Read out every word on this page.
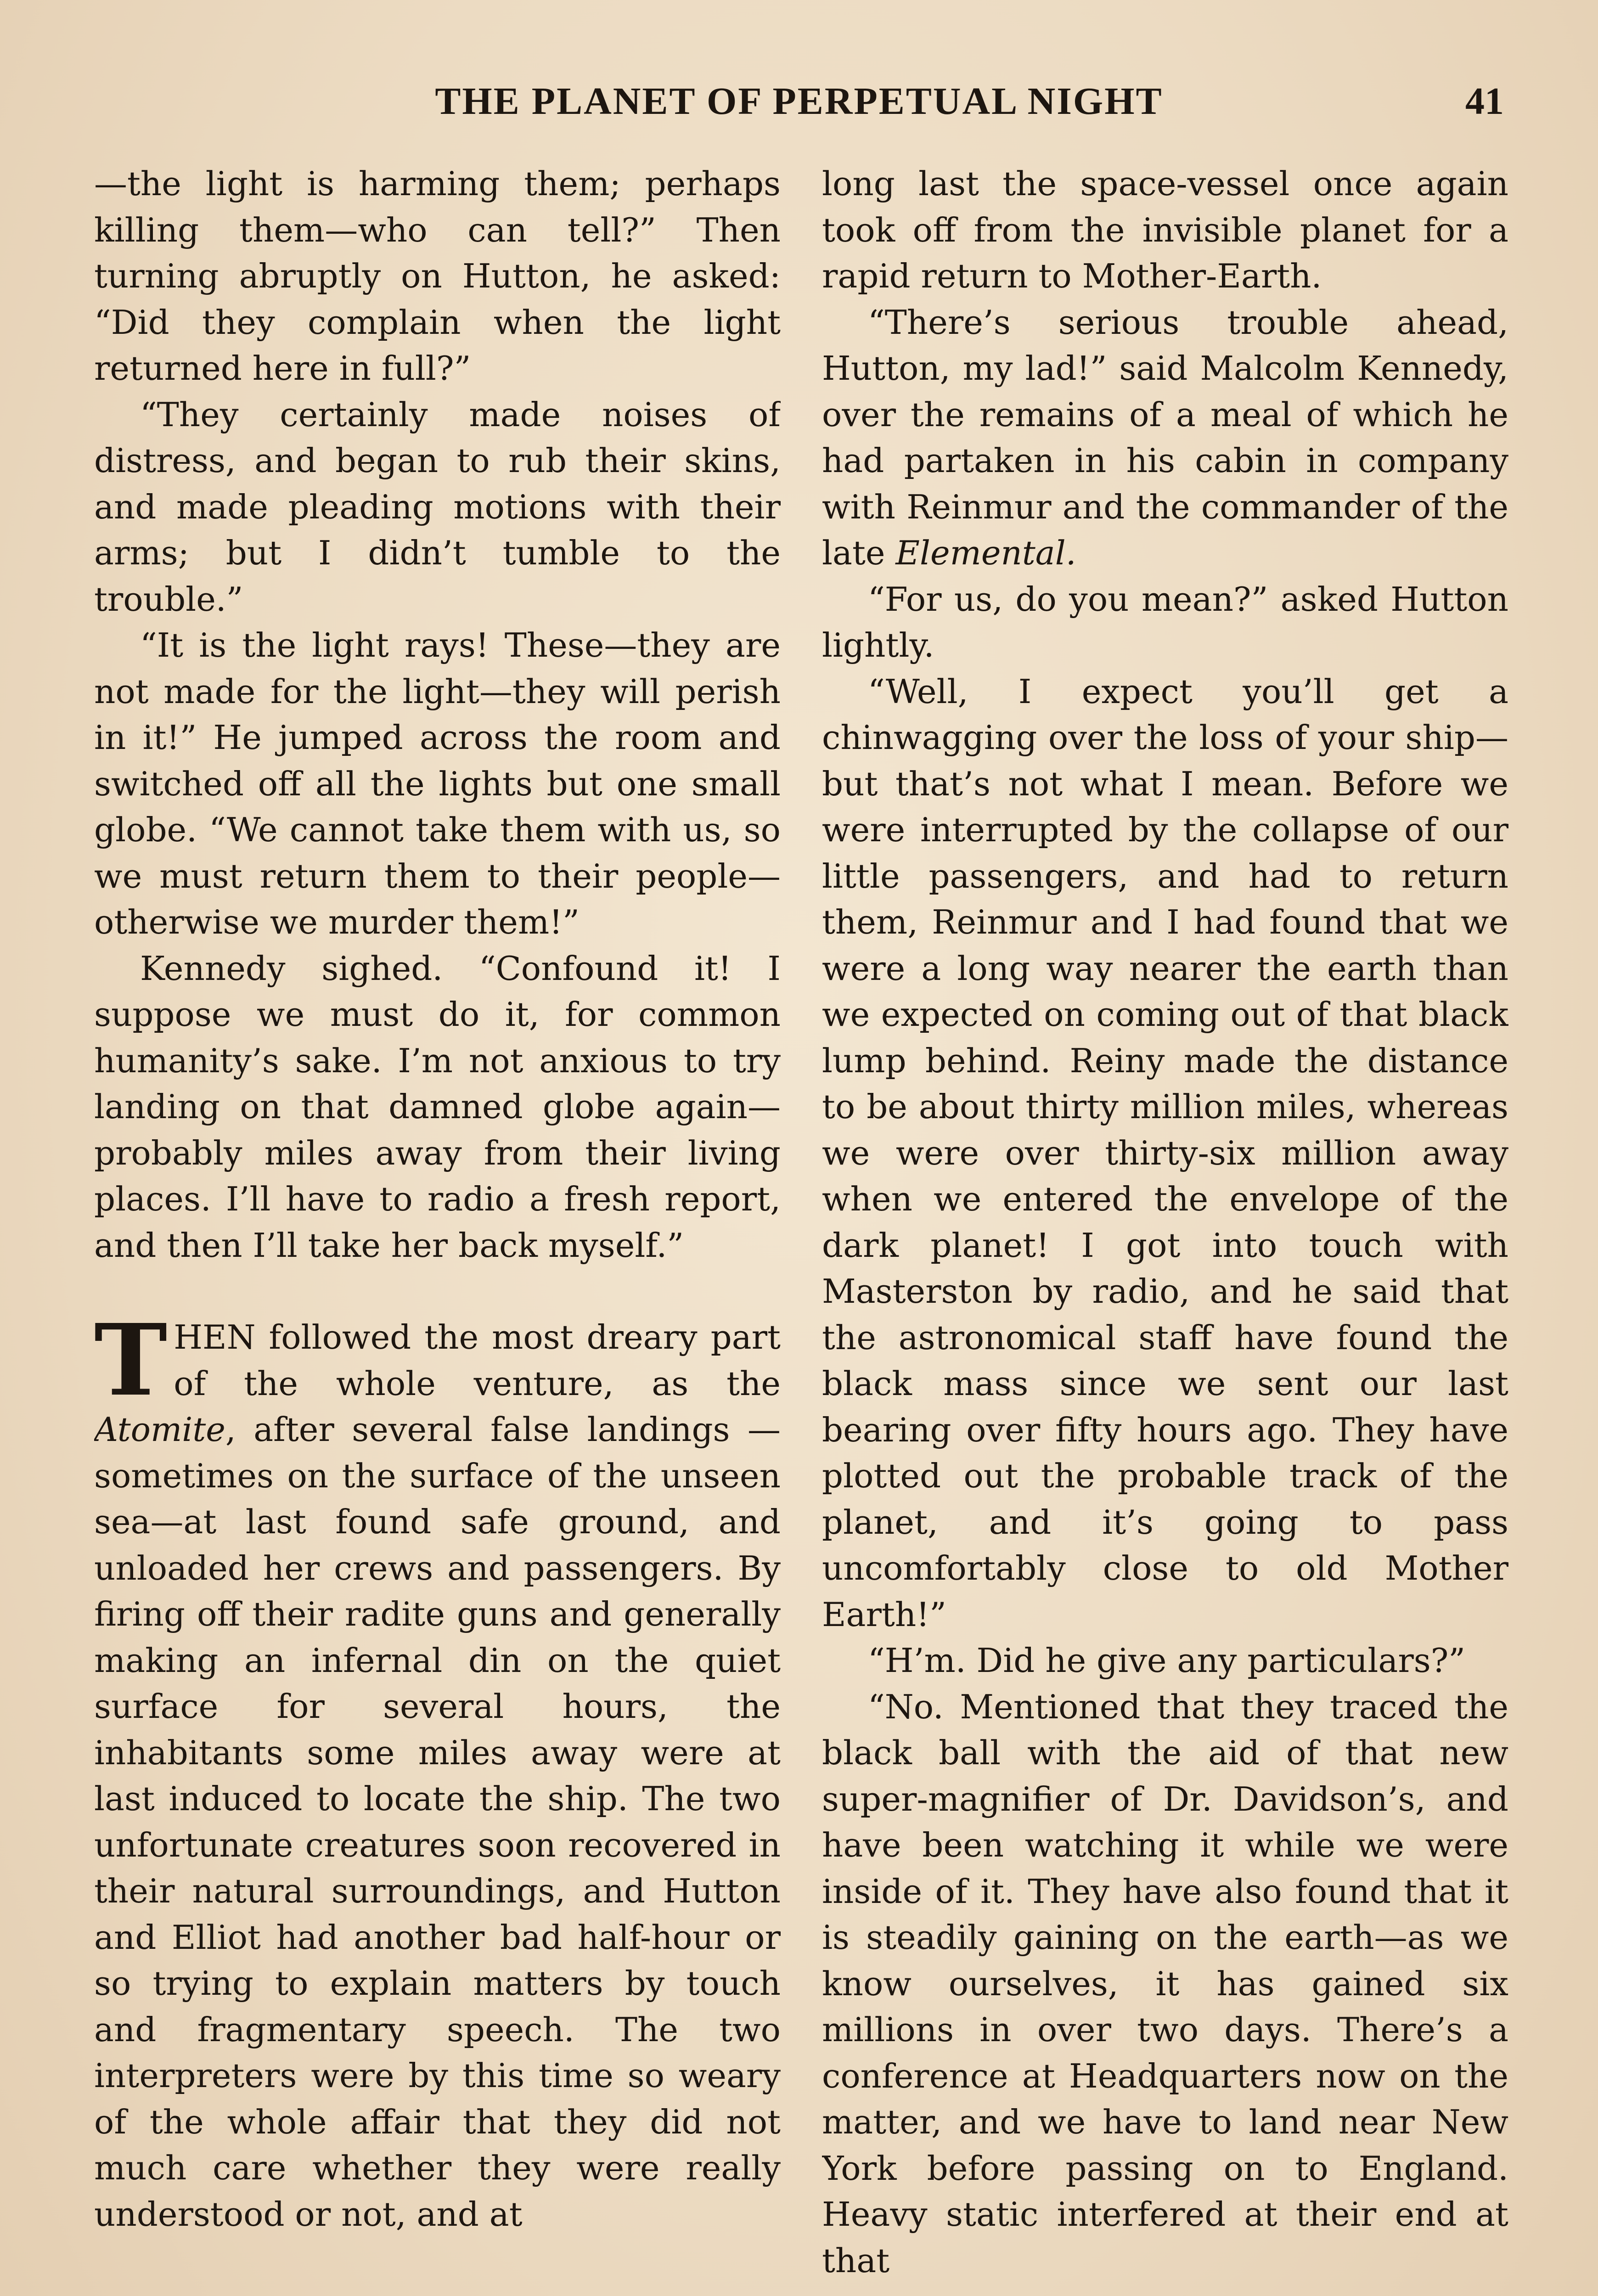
THE PLANET OF PERPETUAL NIGHT	41

—the light is harming them; perhaps killing them—who can tell?” Then turning abruptly on Hutton, he asked: “Did they complain when the light returned here in full?”

“They certainly made noises of distress, and began to rub their skins, and made pleading motions with their arms; but I didn’t tumble to the trouble.”

“It is the light rays! These—they are not made for the light—they will perish in it!” He jumped across the room and switched off all the lights but one small globe. “We cannot take them with us, so we must return them to their people—otherwise we murder them!”

Kennedy sighed. “Confound it! I suppose we must do it, for common humanity’s sake. I’m not anxious to try landing on that damned globe again—probably miles away from their living places. I’ll have to radio a fresh report, and then I’ll take her back myself.”

THEN followed the most dreary part of the whole venture, as the Atomite, after several false landings —sometimes on the surface of the unseen sea—at last found safe ground, and unloaded her crews and passengers. By firing off their radite guns and generally making an infernal din on the quiet surface for several hours, the inhabitants some miles away were at last induced to locate the ship. The two unfortunate creatures soon recovered in their natural surroundings, and Hutton and Elliot had another bad half-hour or so trying to explain matters by touch and fragmentary speech. The two interpreters were by this time so weary of the whole affair that they did not much care whether they were really understood or not, and at

long last the space-vessel once again took off from the invisible planet for a rapid return to Mother-Earth.

“There’s serious trouble ahead, Hutton, my lad!” said Malcolm Kennedy, over the remains of a meal of which he had partaken in his cabin in company with Reinmur and the commander of the late Elemental.

“For us, do you mean?” asked Hutton lightly.

“Well, I expect you’ll get a chinwagging over the loss of your ship—but that’s not what I mean. Before we were interrupted by the collapse of our little passengers, and had to return them, Reinmur and I had found that we were a long way nearer the earth than we expected on coming out of that black lump behind. Reiny made the distance to be about thirty million miles, whereas we were over thirty-six million away when we entered the envelope of the dark planet! I got into touch with Masterston by radio, and he said that the astronomical staff have found the black mass since we sent our last bearing over fifty hours ago. They have plotted out the probable track of the planet, and it’s going to pass uncomfortably close to old Mother Earth!”

“H’m. Did he give any particulars?”

“No. Mentioned that they traced the black ball with the aid of that new super-magnifier of Dr. Davidson’s, and have been watching it while we were inside of it. They have also found that it is steadily gaining on the earth—as we know ourselves, it has gained six millions in over two days. There’s a conference at Headquarters now on the matter, and we have to land near New York before passing on to England. Heavy static interfered at their end at that
